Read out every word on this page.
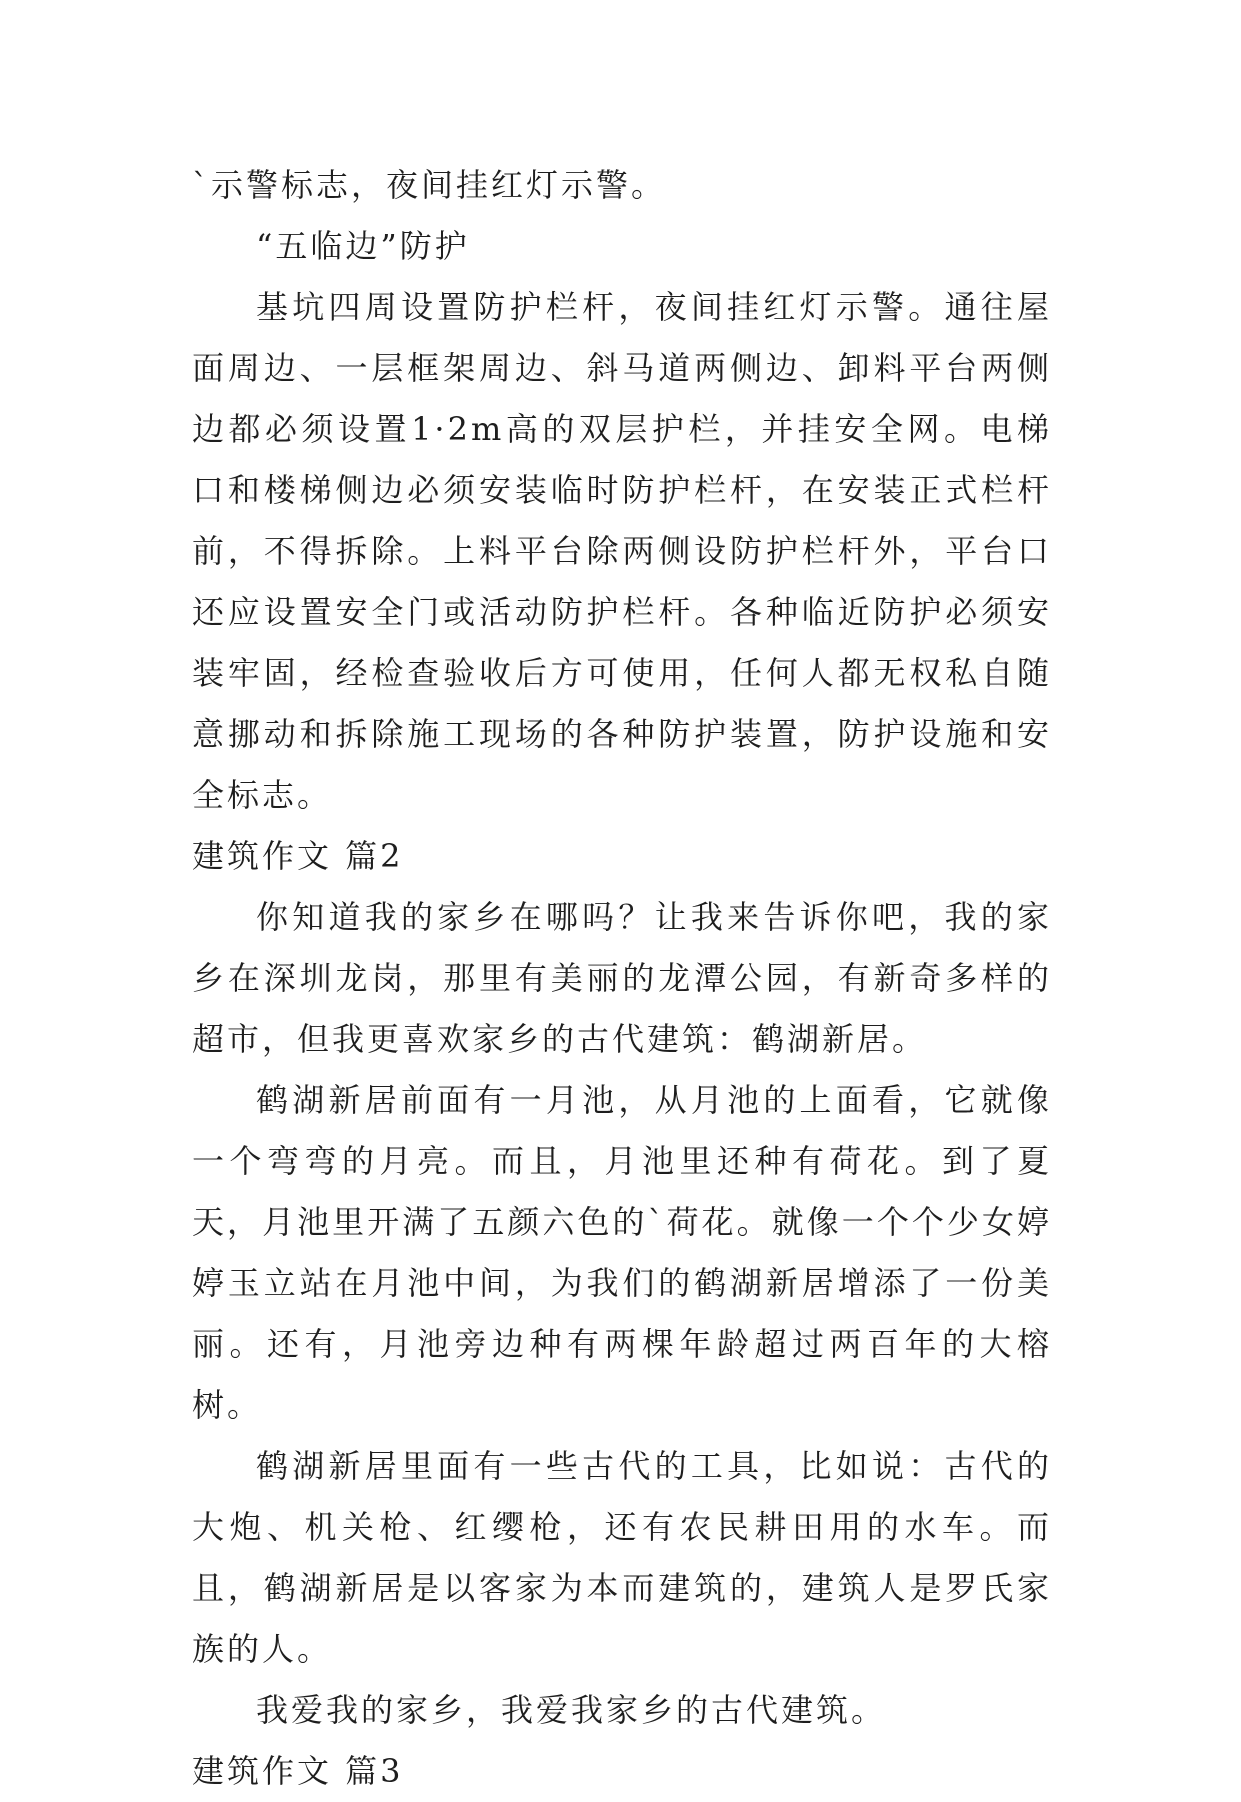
`示警标志，夜间挂红灯示警。

“五临边”防护

基坑四周设置防护栏杆，夜间挂红灯示警。通往屋面周边、一层框架周边、斜马道两侧边、卸料平台两侧边都必须设置1·2m高的双层护栏，并挂安全网。电梯口和楼梯侧边必须安装临时防护栏杆，在安装正式栏杆前，不得拆除。上料平台除两侧设防护栏杆外，平台口还应设置安全门或活动防护栏杆。各种临近防护必须安装牢固，经检查验收后方可使用，任何人都无权私自随意挪动和拆除施工现场的各种防护装置，防护设施和安全标志。

建筑作文 篇2

你知道我的家乡在哪吗？让我来告诉你吧，我的家乡在深圳龙岗，那里有美丽的龙潭公园，有新奇多样的超市，但我更喜欢家乡的古代建筑：鹤湖新居。

鹤湖新居前面有一月池，从月池的上面看，它就像一个弯弯的月亮。而且，月池里还种有荷花。到了夏天，月池里开满了五颜六色的`荷花。就像一个个少女婷婷玉立站在月池中间，为我们的鹤湖新居增添了一份美丽。还有，月池旁边种有两棵年龄超过两百年的大榕树。

鹤湖新居里面有一些古代的工具，比如说：古代的大炮、机关枪、红缨枪，还有农民耕田用的水车。而且，鹤湖新居是以客家为本而建筑的，建筑人是罗氏家族的人。

我爱我的家乡，我爱我家乡的古代建筑。

建筑作文 篇3
